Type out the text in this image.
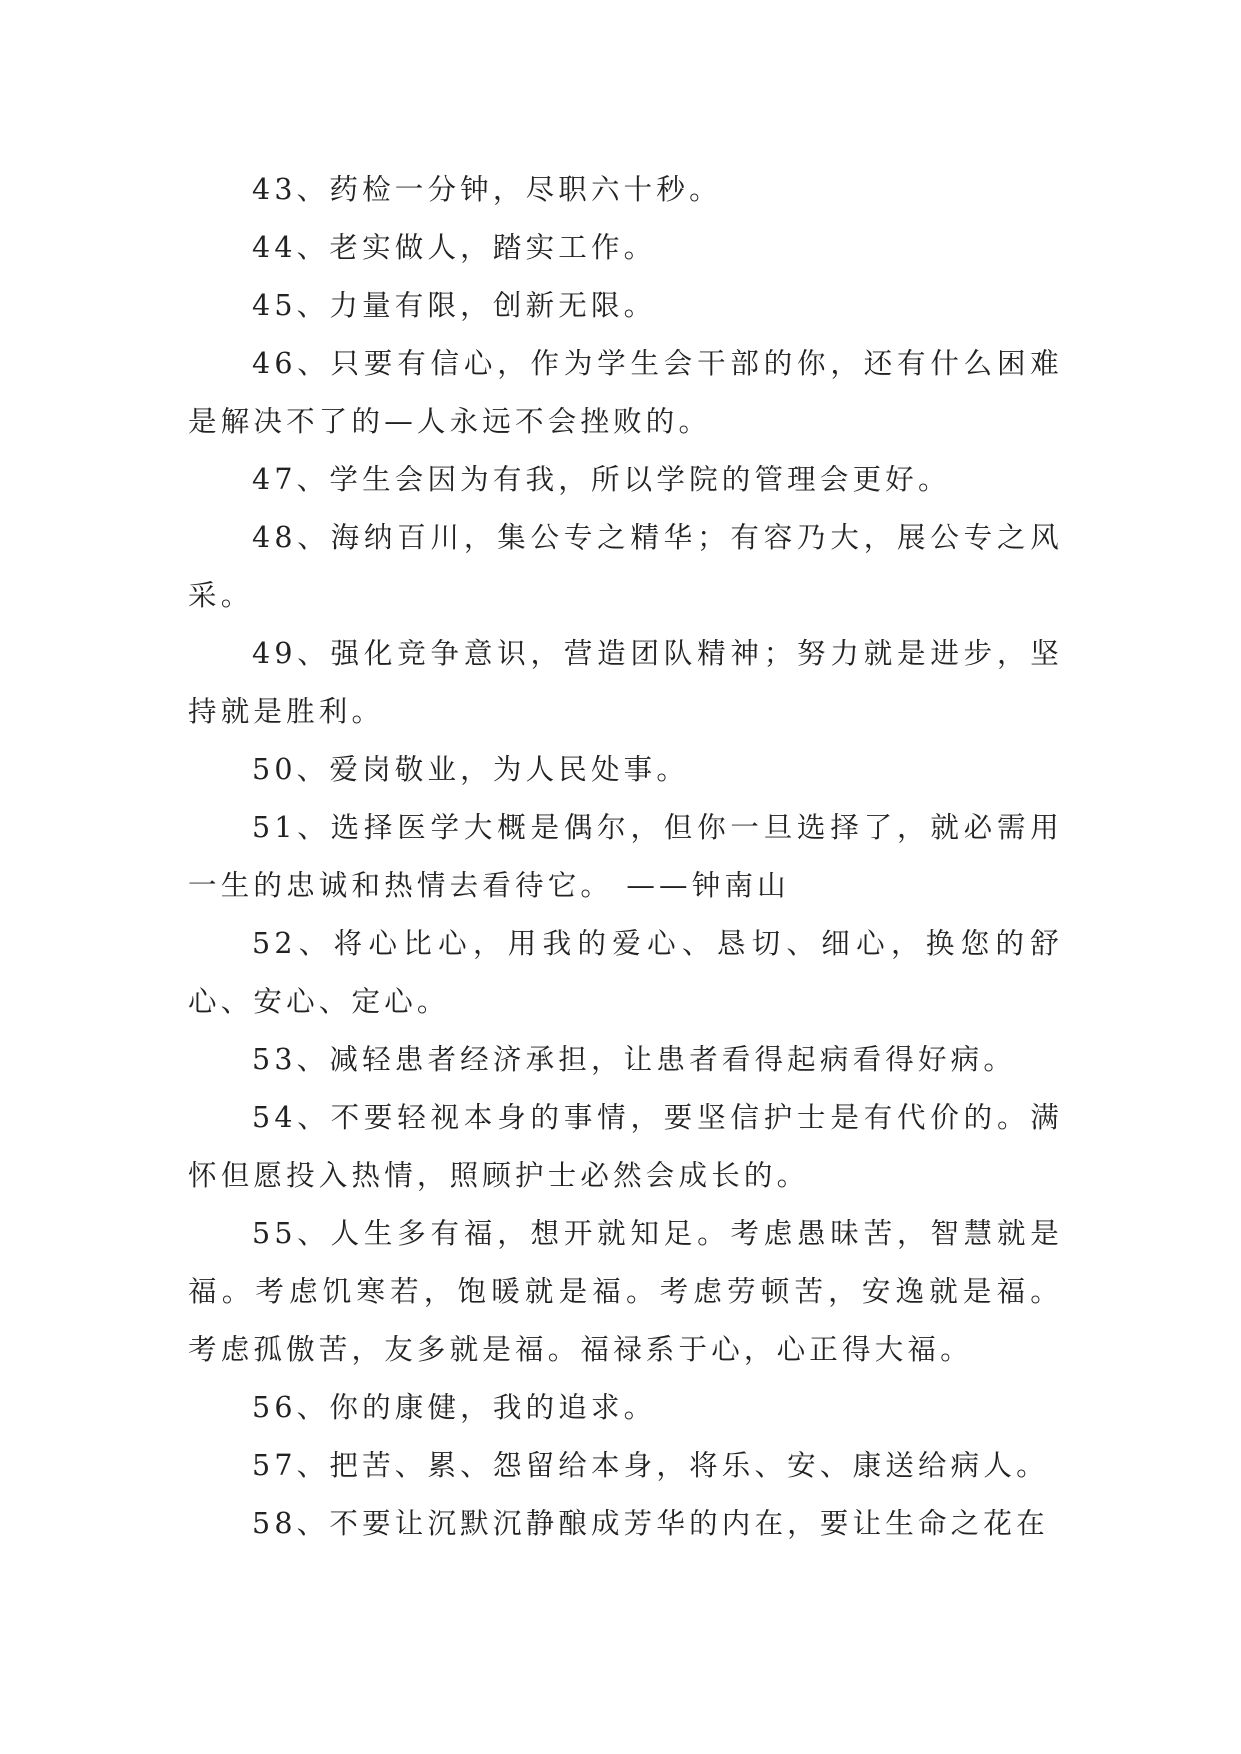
43、药检一分钟，尽职六十秒。

44、老实做人，踏实工作。

45、力量有限，创新无限。

46、只要有信心，作为学生会干部的你，还有什么困难是解决不了的—人永远不会挫败的。

47、学生会因为有我，所以学院的管理会更好。

48、海纳百川，集公专之精华；有容乃大，展公专之风采。

49、强化竞争意识，营造团队精神；努力就是进步，坚持就是胜利。

50、爱岗敬业，为人民处事。

51、选择医学大概是偶尔，但你一旦选择了，就必需用一生的忠诚和热情去看待它。 ——钟南山

52、将心比心，用我的爱心、恳切、细心，换您的舒心、安心、定心。

53、减轻患者经济承担，让患者看得起病看得好病。

54、不要轻视本身的事情，要坚信护士是有代价的。满怀但愿投入热情，照顾护士必然会成长的。

55、人生多有福，想开就知足。考虑愚昧苦，智慧就是福。考虑饥寒若，饱暖就是福。考虑劳顿苦，安逸就是福。考虑孤傲苦，友多就是福。福禄系于心，心正得大福。

56、你的康健，我的追求。

57、把苦、累、怨留给本身，将乐、安、康送给病人。

58、不要让沉默沉静酿成芳华的内在，要让生命之花在
